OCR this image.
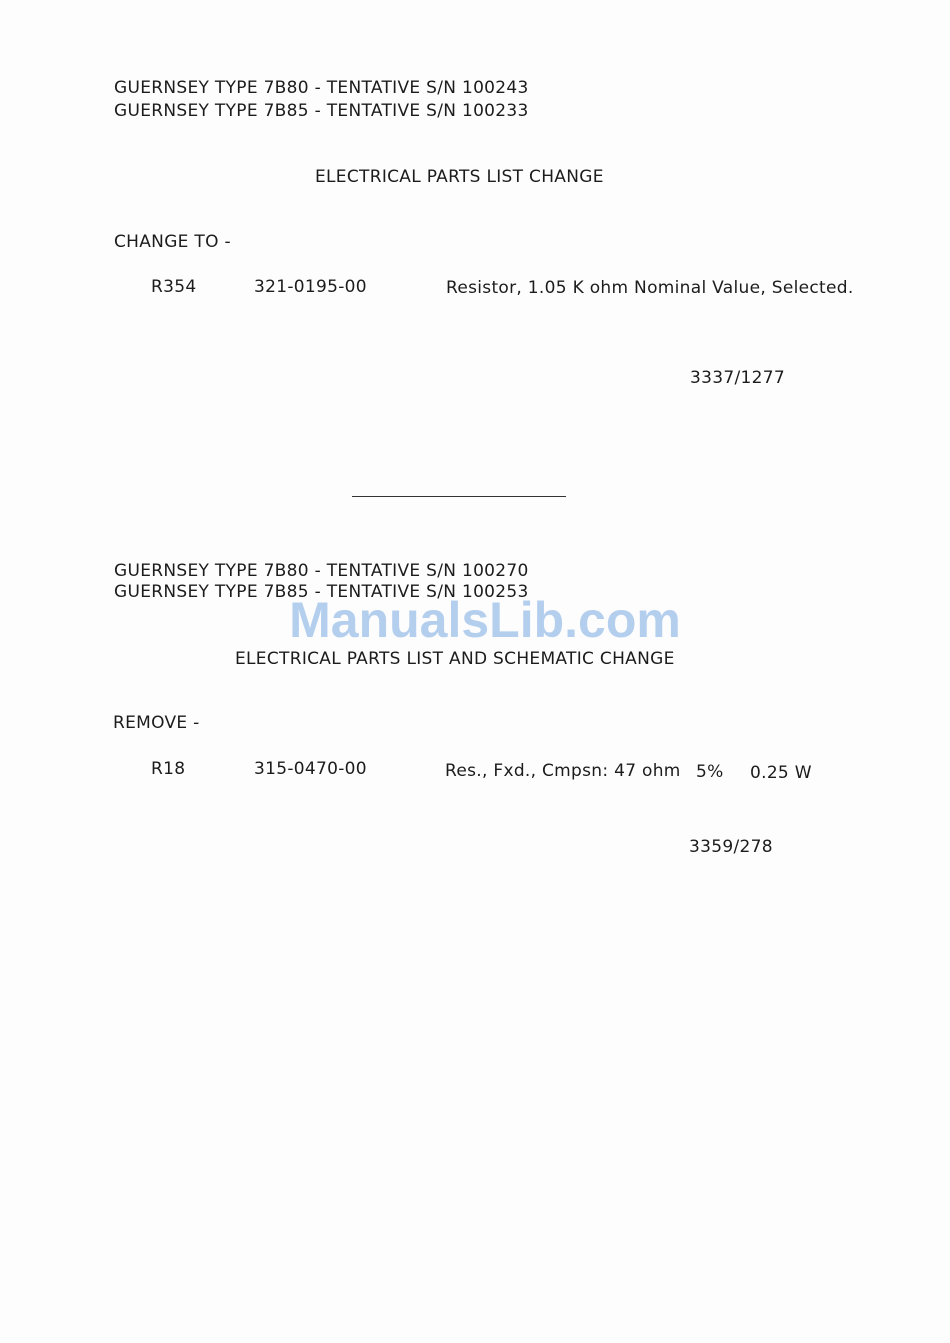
GUERNSEY TYPE 7B80 - TENTATIVE S/N 100243
GUERNSEY TYPE 7B85 - TENTATIVE S/N 100233
ELECTRICAL PARTS LIST CHANGE
CHANGE TO -
R354	321-0195-00	Resistor, 1.05 K ohm Nominal Value, Selected.
3337/1277
GUERNSEY TYPE 7B80 - TENTATIVE S/N 100270
GUERNSEY TYPE 7B85 - TENTATIVE S/N 100253
ELECTRICAL PARTS LIST AND SCHEMATIC CHANGE
REMOVE -
R18	315-0470-00	Res., Fxd., Cmpsn: 47 ohm 5% 0.25 W
3359/278
ManualsLib.com
